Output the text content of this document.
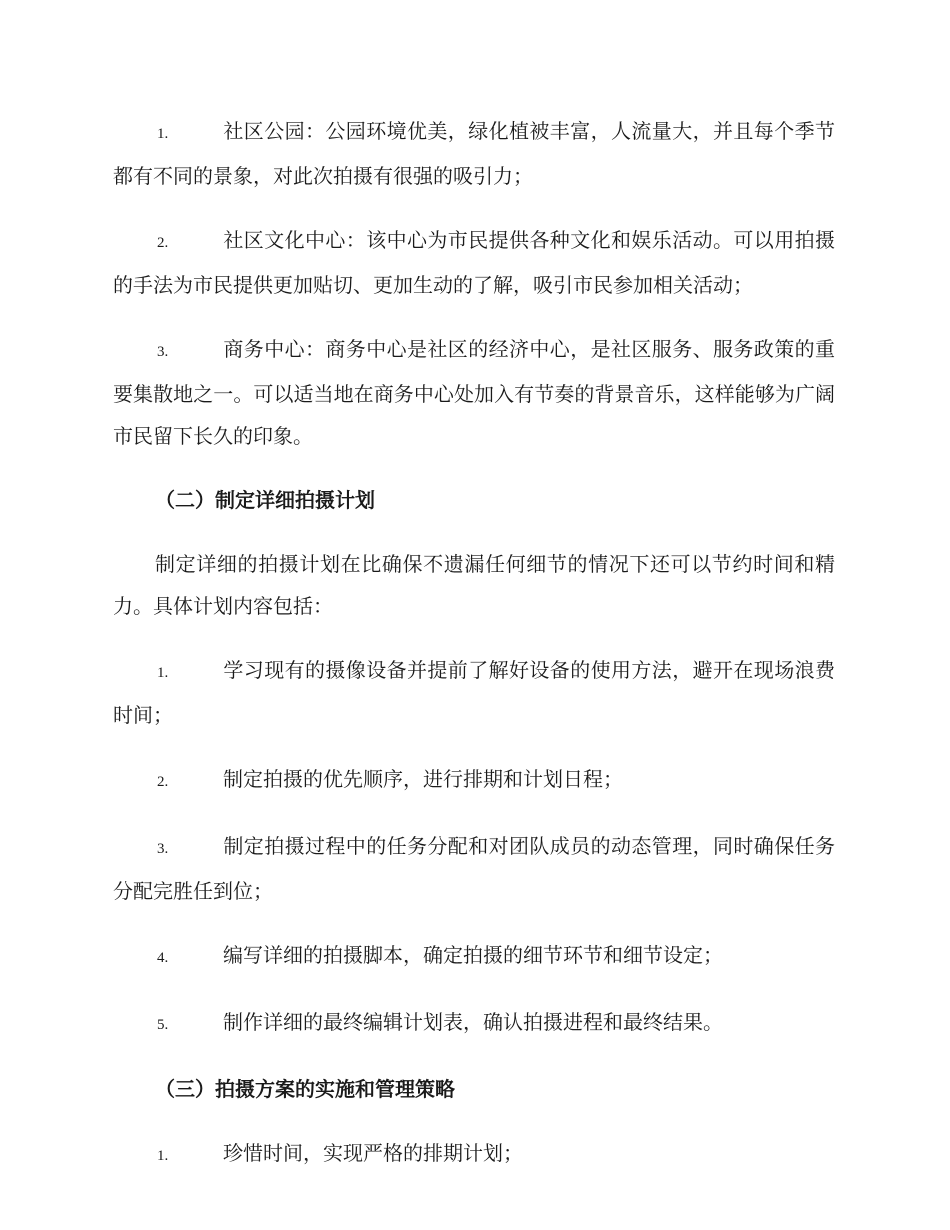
1.	社区公园：公园环境优美，绿化植被丰富，人流量大，并且每个季节都有不同的景象，对此次拍摄有很强的吸引力；

2.	社区文化中心：该中心为市民提供各种文化和娱乐活动。可以用拍摄的手法为市民提供更加贴切、更加生动的了解，吸引市民参加相关活动；

3.	商务中心：商务中心是社区的经济中心，是社区服务、服务政策的重要集散地之一。可以适当地在商务中心处加入有节奏的背景音乐，这样能够为广阔市民留下长久的印象。

（二）制定详细拍摄计划

制定详细的拍摄计划在比确保不遗漏任何细节的情况下还可以节约时间和精力。具体计划内容包括：

1.	学习现有的摄像设备并提前了解好设备的使用方法，避开在现场浪费时间；

2.	制定拍摄的优先顺序，进行排期和计划日程；

3.	制定拍摄过程中的任务分配和对团队成员的动态管理，同时确保任务分配完胜任到位；

4.	编写详细的拍摄脚本，确定拍摄的细节环节和细节设定；

5.	制作详细的最终编辑计划表，确认拍摄进程和最终结果。

（三）拍摄方案的实施和管理策略

1.	珍惜时间，实现严格的排期计划；
